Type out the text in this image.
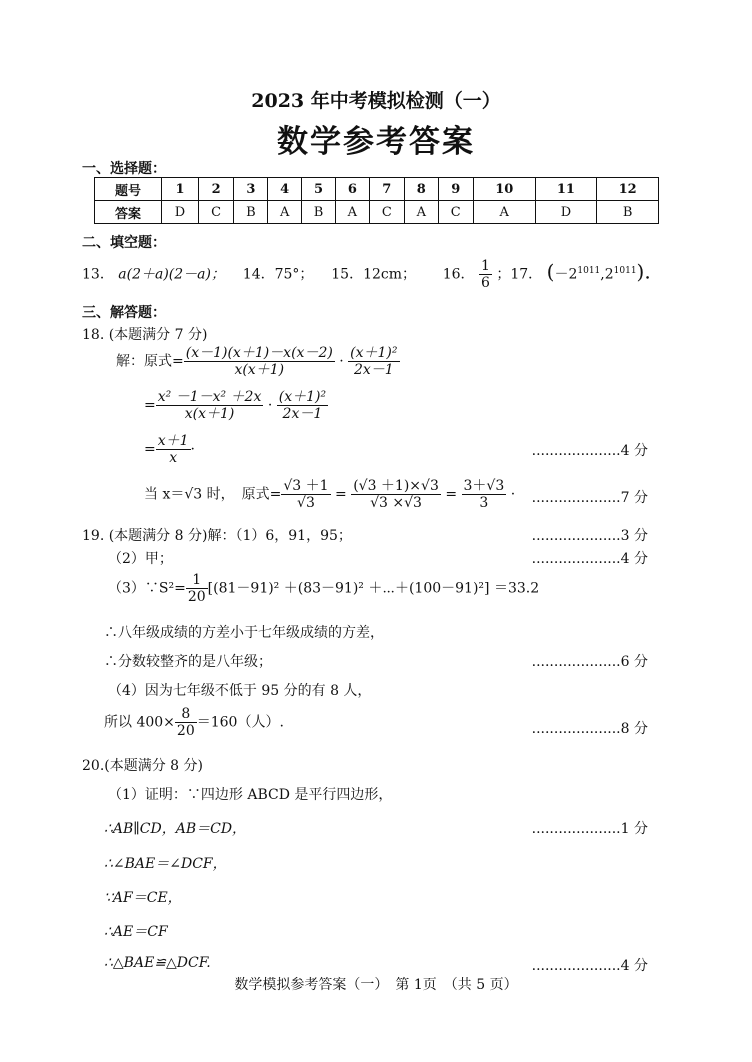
2023 年中考模拟检测（一）
数学参考答案
一、选择题：
题号	1	2	3	4	5	6	7	8	9	10	11	12
答案	D	C	B	A	B	A	C	A	C	A	D	B
二、填空题：
13． a(2＋a)(2－a)； 14．75°； 15．12cm； 16． $\frac{1}{6}$ ；17． $(-2^{1011},2^{1011})$.
三、解答题：
18. (本题满分 7 分)
解：原式= $\frac{(x-1)(x+1)-x(x-2)}{x(x+1)} \cdot \frac{\text{(x＋1)²}}{2x-1}$
= $\frac{\text{x² －1－x² ＋2x}}{x(x+1)} \cdot \frac{\text{(x＋1)²}}{2x-1}$
= $\frac{x+1}{x}$ ·	....................4 分
当 x＝√3 时，　原式= $\frac{√3 +1}{√3} = \frac{(√3 +1)\times√3}{√3 \times√3} = \frac{3+√3}{3} \cdot ....................7$ 分
19. (本题满分 8 分)解：（1）6，91，95；	....................3 分
（2）甲；	....................4 分
（3）∵S²= $\frac{1}{20} [(81-91)^2 +(83-91)^2$ ＋⋯＋(100－91)²] ＝33.2
∴八年级成绩的方差小于七年级成绩的方差，
∴分数较整齐的是八年级；	....................6 分
（4）因为七年级不低于 95 分的有 8 人，
所以 $400\times \frac{8}{20} =160$（人）.	....................8 分
20.(本题满分 8 分)
（1）证明：∵四边形 ABCD 是平行四边形，
∴AB∥CD，AB＝CD，	....................1 分
∴∠BAE＝∠DCF，
∵AF＝CE，
∴AE＝CF
∴△BAE≌△DCF.	....................4 分
数学模拟参考答案（一）　第 1页　（共 5 页）
